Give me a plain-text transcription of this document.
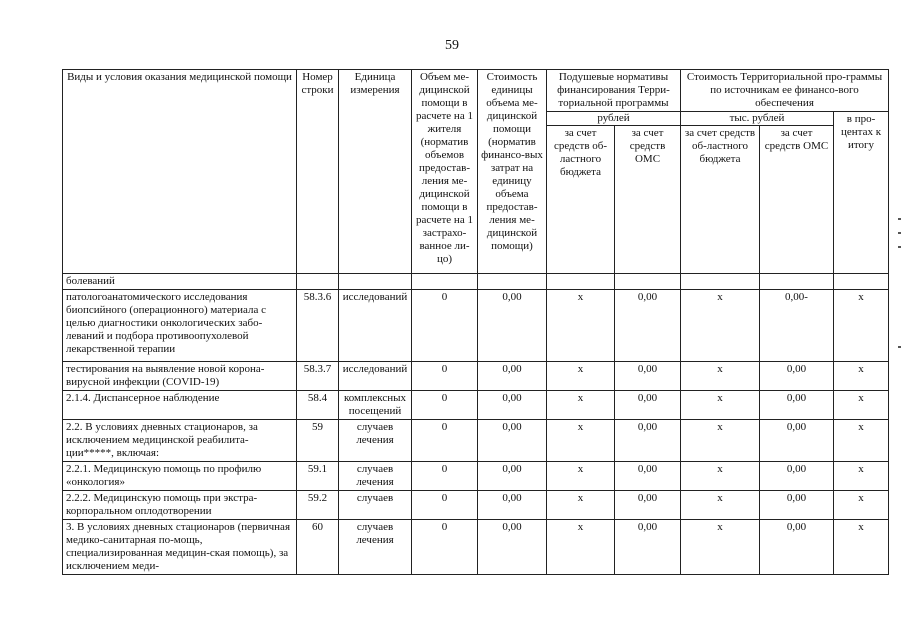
59
Виды и условия оказания медицинской помощи	Номер строки	Единица измерения	Объем ме-дицинской помощи в расчете на 1 жителя (норматив объемов предостав-ления ме-дицинской помощи в расчете на 1 застрахо-ванное ли-цо)	Стоимость единицы объема ме-дицинской помощи (норматив финансо-вых затрат на единицу объема предостав-ления ме-дицинской помощи)	Подушевые нормативы финансирования Терри-ториальной программы		Стоимость Территориальной про-граммы по источникам ее финансо-вого обеспечения		
					рублей		тыс. рублей		в про-центах к итогу
					за счет средств об-ластного бюджета	за счет средств ОМС	за счет средств об-ластного бюджета	за счет средств ОМС	

болеваний									
патологоанатомического исследования биопсийного (операционного) материала с целью диагностики онкологических забо-леваний и подбора противоопухолевой лекарственной терапии	58.3.6	исследований	0	0,00	х	0,00	х	0,00-	х
тестирования на выявление новой корона-вирусной инфекции (COVID-19)	58.3.7	исследований	0	0,00	х	0,00	х	0,00	х
2.1.4. Диспансерное наблюдение	58.4	комплексных посещений	0	0,00	х	0,00	х	0,00	х
2.2. В условиях дневных стационаров, за исключением медицинской реабилита-ции*****, включая:	59	случаев лечения	0	0,00	х	0,00	х	0,00	х
2.2.1. Медицинскую помощь по профилю «онкология»	59.1	случаев лечения	0	0,00	х	0,00	х	0,00	х
2.2.2. Медицинскую помощь при экстра-корпоральном оплодотворении	59.2	случаев	0	0,00	х	0,00	х	0,00	х
3. В условиях дневных стационаров (первичная медико-санитарная по-мощь, специализированная медицин-ская помощь), за исключением меди-	60	случаев лечения	0	0,00	х	0,00	х	0,00	х
